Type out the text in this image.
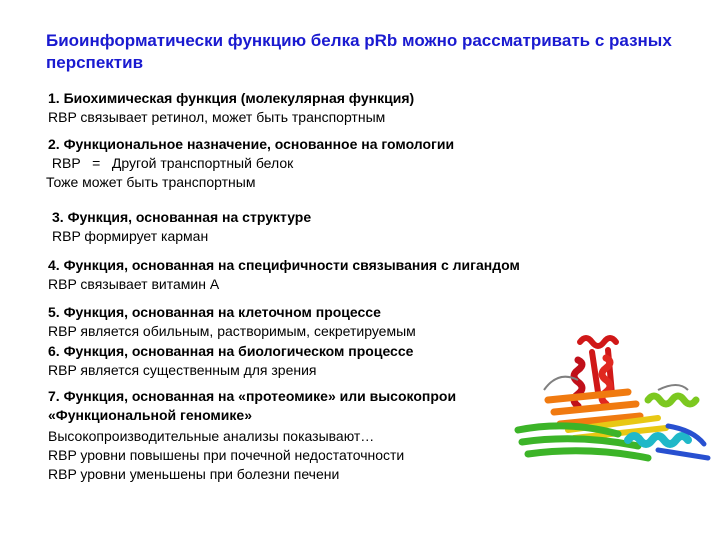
Биоинформатически функцию белка pRb можно рассматривать с разных перспектив
1. Биохимическая функция (молекулярная функция)
RBP связывает ретинол, может быть транспортным
2. Функциональное назначение, основанное на гомологии
RBP   =   Другой транспортный белок
Тоже может быть транспортным
3. Функция, основанная на структуре
RBP формирует карман
4. Функция, основанная на специфичности связывания с лигандом
RBP связывает витамин A
5. Функция, основанная на клеточном процессе
RBP является обильным, растворимым, секретируемым
6. Функция, основанная на биологическом процессе
RBP является существенным для зрения
7. Функция, основанная на «протеомике» или высокопрои
«Функциональной геномике»
Высокопроизводительные анализы показывают…
RBP уровни повышены при почечной недостаточности
RBP уровни уменьшены при болезни печени
